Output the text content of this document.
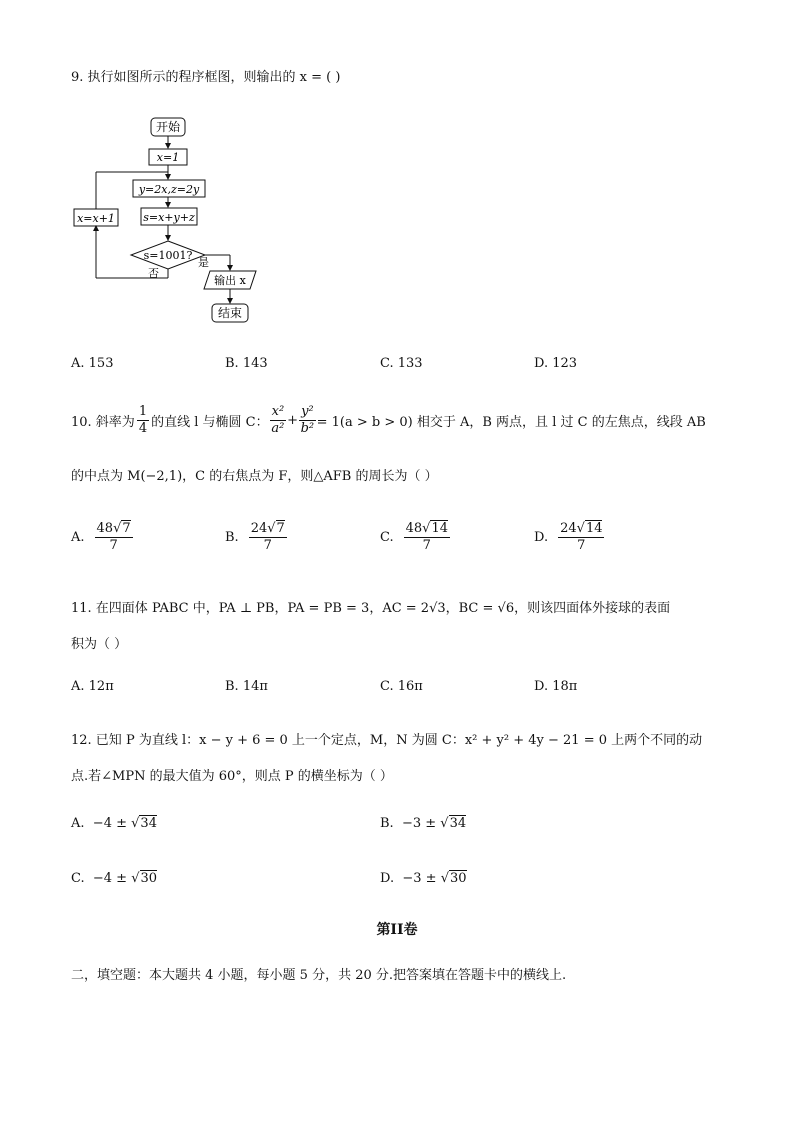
9. 执行如图所示的程序框图，则输出的 x = ( )
开始
x=1
y=2x,z=2y
s=x+y+z
s=1001?
是
输出 x
结束
否
x=x+1
A. 153	B. 143	C. 133	D. 123
10. 斜率为 $\frac{1}{4}$ 的直线 l 与椭圆 C： $\frac{\text{x²}}{\text{a²}} + \frac{\text{y²}}{\text{b²}} = 1(a > b > 0)$ 相交于 A，B 两点，且 l 过 C 的左焦点，线段 AB
的中点为 M(−2,1)，C 的右焦点为 F，则△AFB 的周长为（ ）
A. $\frac{48√7}{7}$	B. $\frac{24√7}{7}$	C. $\frac{48√14}{7}$	D. $\frac{24√14}{7}$
11. 在四面体 PABC 中，PA ⊥ PB，PA = PB = 3，AC = 2√3，BC = √6，则该四面体外接球的表面
积为（ ）
A. 12π	B. 14π	C. 16π	D. 18π
12. 已知 P 为直线 l：x − y + 6 = 0 上一个定点，M，N 为圆 C：x² + y² + 4y − 21 = 0 上两个不同的动
点.若∠MPN 的最大值为 60°，则点 P 的横坐标为（ ）
A. −4 ± √34	B. −3 ± √34
C. −4 ± √30	D. −3 ± √30
第II卷
二，填空题：本大题共 4 小题，每小题 5 分，共 20 分.把答案填在答题卡中的横线上.
